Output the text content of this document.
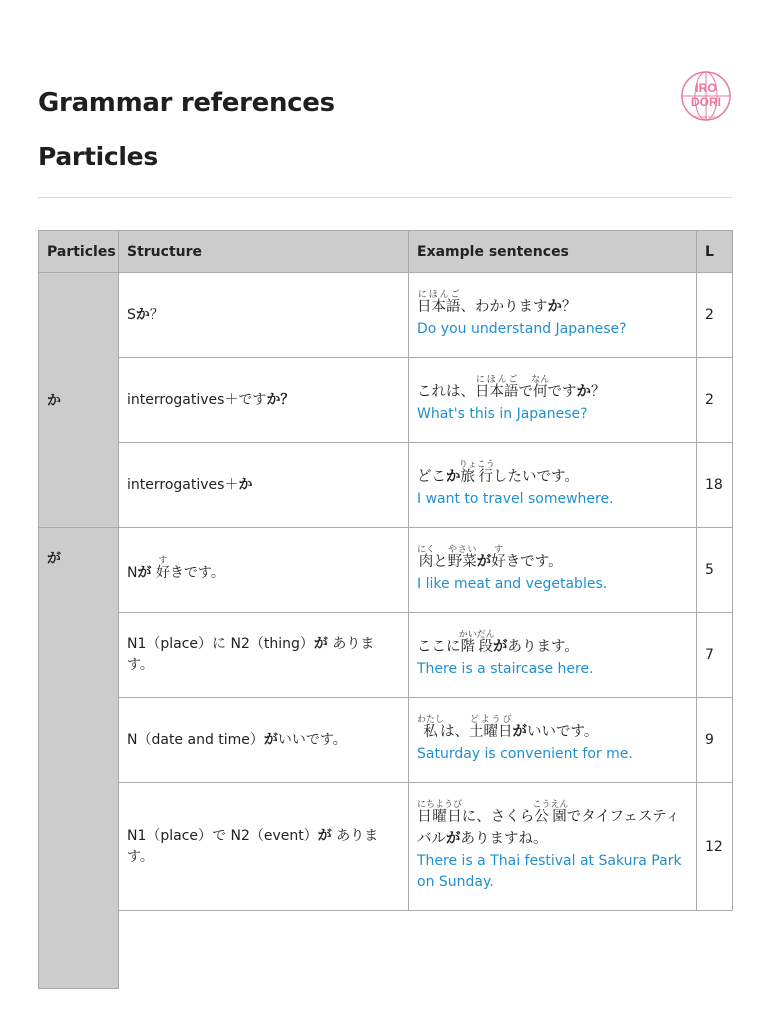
Grammar references
Particles
IRO
DORI
Nihongo Irodori
Particles	Structure	Example sentences	L
か	Sか？	日本語にほんご、わかりますか？
Do you understand Japanese?	2

	interrogatives＋ですか？	これは、日本語にほんごで何なんですか？
What's this in Japanese?	2

	interrogatives＋か	どこか旅行りょこうしたいです。
I want to travel somewhere.	18
が	Nが 好すきです。	肉にくと野菜やさいが好すきです。
I like meat and vegetables.	5

	N1（place）に N2（thing）が あります。	ここに階段かいだんがあります。
There is a staircase here.	7

	N（date and time）がいいです。	私わたしは、土曜日どようびがいいです。
Saturday is convenient for me.	9

	N1（place）で N2（event）が あります。	日曜日にちようびに、さくら公園こうえんでタイフェスティバルがありますね。
There is a Thai festival at Sakura Park on Sunday.	12
